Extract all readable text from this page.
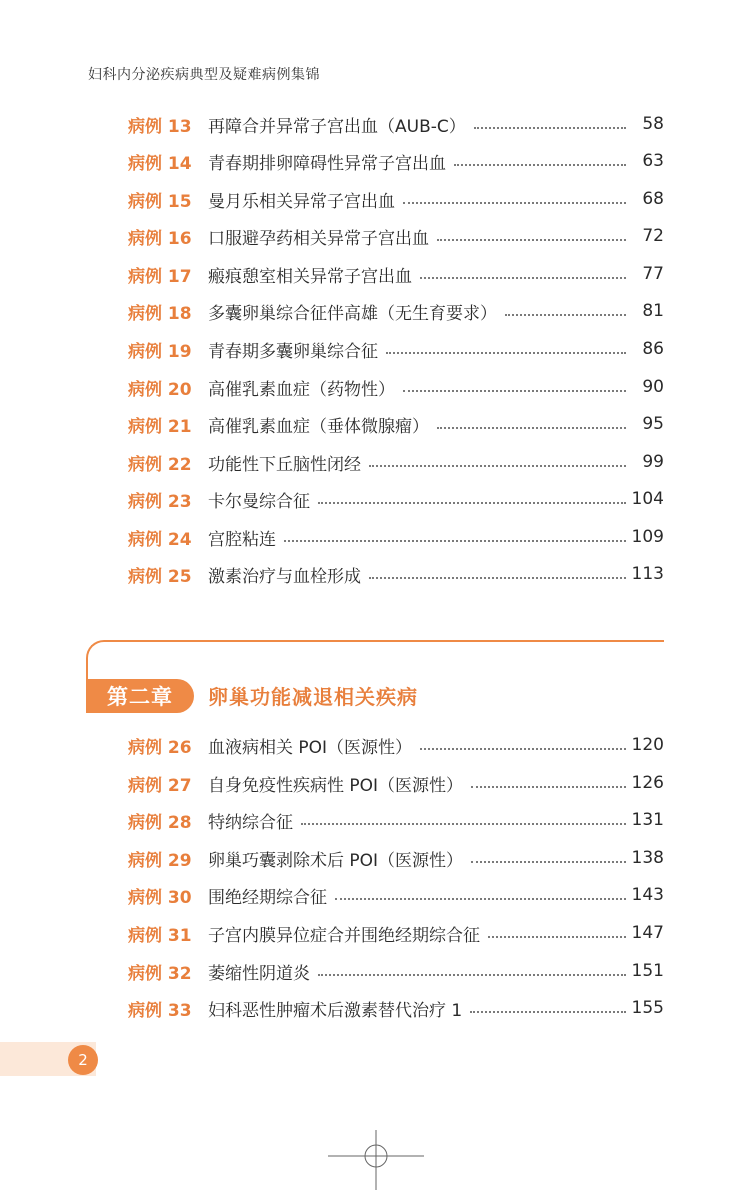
妇科内分泌疾病典型及疑难病例集锦
病例 13 再障合并异常子宫出血（AUB-C）	58
病例 14 青春期排卵障碍性异常子宫出血	63
病例 15 曼月乐相关异常子宫出血	68
病例 16 口服避孕药相关异常子宫出血	72
病例 17 瘢痕憩室相关异常子宫出血	77
病例 18 多囊卵巢综合征伴高雄（无生育要求）	81
病例 19 青春期多囊卵巢综合征	86
病例 20 高催乳素血症（药物性）	90
病例 21 高催乳素血症（垂体微腺瘤）	95
病例 22 功能性下丘脑性闭经	99
病例 23 卡尔曼综合征	104
病例 24 宫腔粘连	109
病例 25 激素治疗与血栓形成	113
第二章	卵巢功能减退相关疾病
病例 26 血液病相关 POI（医源性）	120
病例 27 自身免疫性疾病性 POI（医源性）	126
病例 28 特纳综合征	131
病例 29 卵巢巧囊剥除术后 POI（医源性）	138
病例 30 围绝经期综合征	143
病例 31 子宫内膜异位症合并围绝经期综合征	147
病例 32 萎缩性阴道炎	151
病例 33 妇科恶性肿瘤术后激素替代治疗 1	155
2
